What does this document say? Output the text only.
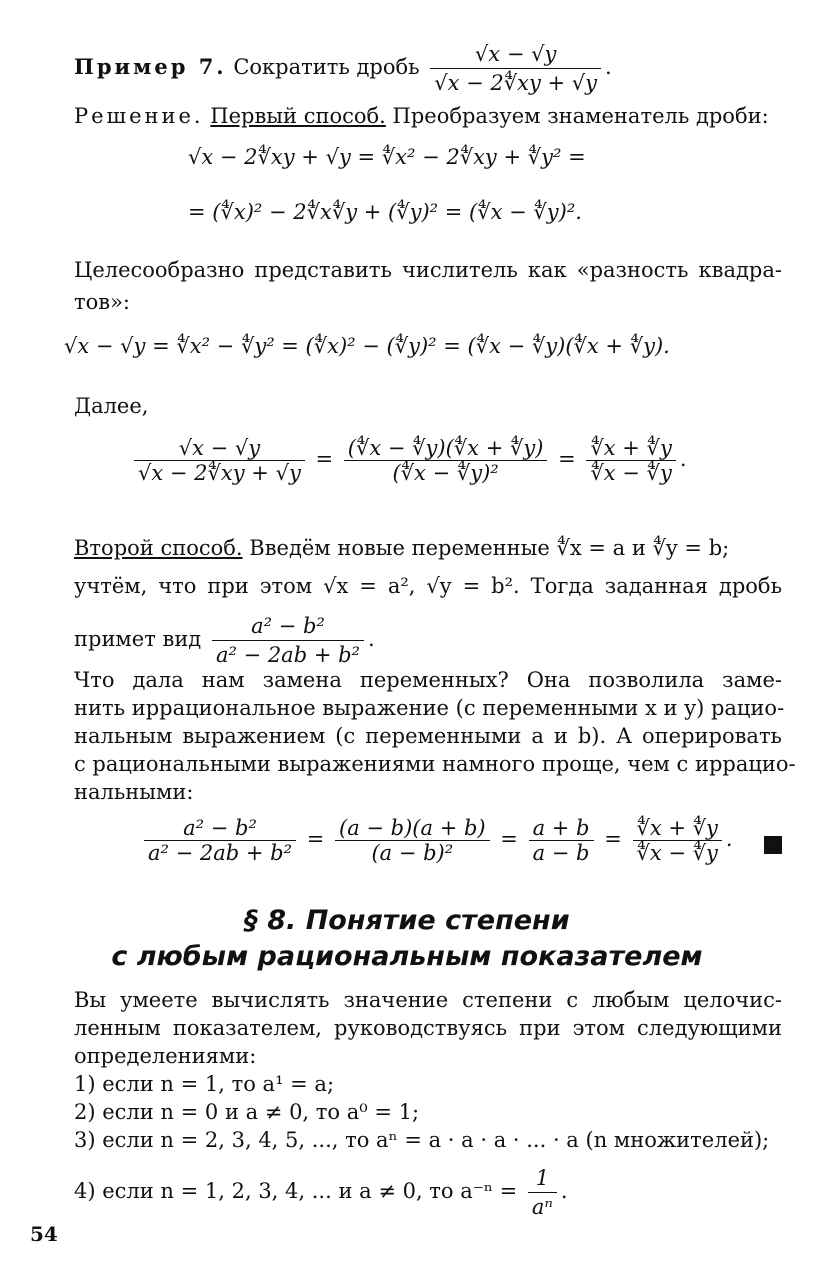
Пример 7. Сократить дробь $\frac{√x - √y}{√x - 2∜xy + √y}$ .
Решение. Первый способ. Преобразуем знаменатель дроби:
√x − 2∜xy + √y = ∜x² − 2∜xy + ∜y² =
= (∜x)² − 2∜x∜y + (∜y)² = (∜x − ∜y)².
Целесообразно представить числитель как «разность квадра-
тов»:
√x − √y = ∜x² − ∜y² = (∜x)² − (∜y)² = (∜x − ∜y)(∜x + ∜y).
Далее,
$\frac{√x - √y}{√x - 2∜xy + √y} = \frac{(∜x - ∜y)(∜x + ∜y)}{\text{(∜x − ∜y)²}} = \frac{∜x + ∜y}{∜x - ∜y}$ .
Второй способ. Введём новые переменные ∜x = a и ∜y = b;
учтём, что при этом √x = a², √y = b². Тогда заданная дробь
примет вид $\frac{\text{a² − b²}}{\text{a² − 2ab + b²}}$ .
Что дала нам замена переменных? Она позволила заме-
нить иррациональное выражение (с переменными x и y) рацио-
нальным выражением (с переменными a и b). А оперировать
с рациональными выражениями намного проще, чем с иррацио-
нальными:
$\frac{\text{a² − b²}}{\text{a² − 2ab + b²}} = \frac{(a - b)(a + b)}{\text{(a − b)²}} = \frac{a + b}{a - b} = \frac{∜x + ∜y}{∜x - ∜y}$ .
§ 8. Понятие степени
с любым рациональным показателем
Вы умеете вычислять значение степени с любым целочис-
ленным показателем, руководствуясь при этом следующими
определениями:
1) если n = 1, то a¹ = a;
2) если n = 0 и a ≠ 0, то a⁰ = 1;
3) если n = 2, 3, 4, 5, ..., то aⁿ = a · a · a · ... · a (n множителей);
4) если n = 1, 2, 3, 4, ... и a ≠ 0, то $a^{-n} = \frac{1}{\text{aⁿ}}$ .
54
